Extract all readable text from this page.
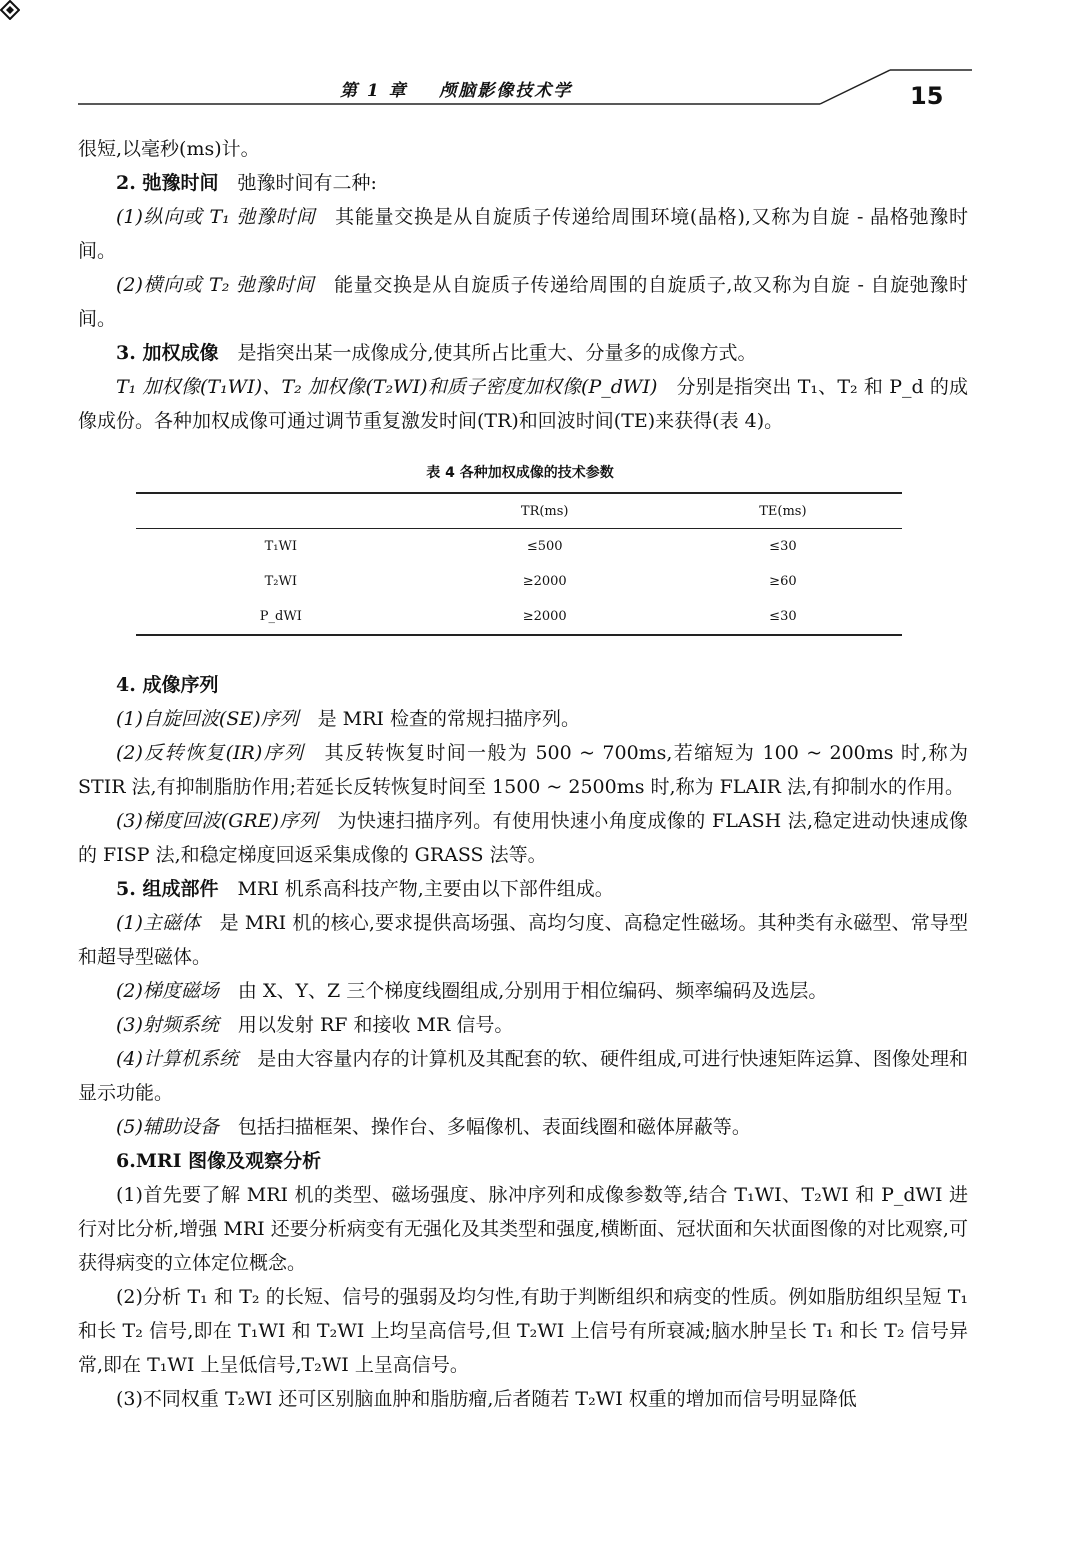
第 1 章    颅脑影像技术学	15
很短,以毫秒(ms)计。
2. 弛豫时间  弛豫时间有二种:
(1)纵向或 T₁ 弛豫时间  其能量交换是从自旋质子传递给周围环境(晶格),又称为自旋 - 晶格弛豫时间。
(2)横向或 T₂ 弛豫时间  能量交换是从自旋质子传递给周围的自旋质子,故又称为自旋 - 自旋弛豫时间。
3. 加权成像  是指突出某一成像成分,使其所占比重大、分量多的成像方式。
T₁ 加权像(T₁WI)、T₂ 加权像(T₂WI)和质子密度加权像(P_dWI)  分别是指突出 T₁、T₂ 和 P_d 的成像成份。各种加权成像可通过调节重复激发时间(TR)和回波时间(TE)来获得(表 4)。
表 4 各种加权成像的技术参数
	TR(ms)	TE(ms)
T₁WI	≤500	≤30
T₂WI	≥2000	≥60
P_dWI	≥2000	≤30
4. 成像序列
(1)自旋回波(SE)序列  是 MRI 检查的常规扫描序列。
(2)反转恢复(IR)序列  其反转恢复时间一般为 500 ~ 700ms,若缩短为 100 ~ 200ms 时,称为 STIR 法,有抑制脂肪作用;若延长反转恢复时间至 1500 ~ 2500ms 时,称为 FLAIR 法,有抑制水的作用。
(3)梯度回波(GRE)序列  为快速扫描序列。有使用快速小角度成像的 FLASH 法,稳定进动快速成像的 FISP 法,和稳定梯度回返采集成像的 GRASS 法等。
5. 组成部件  MRI 机系高科技产物,主要由以下部件组成。
(1)主磁体  是 MRI 机的核心,要求提供高场强、高均匀度、高稳定性磁场。其种类有永磁型、常导型和超导型磁体。
(2)梯度磁场  由 X、Y、Z 三个梯度线圈组成,分别用于相位编码、频率编码及选层。
(3)射频系统  用以发射 RF 和接收 MR 信号。
(4)计算机系统  是由大容量内存的计算机及其配套的软、硬件组成,可进行快速矩阵运算、图像处理和显示功能。
(5)辅助设备  包括扫描框架、操作台、多幅像机、表面线圈和磁体屏蔽等。
6.MRI 图像及观察分析
(1)首先要了解 MRI 机的类型、磁场强度、脉冲序列和成像参数等,结合 T₁WI、T₂WI 和 P_dWI 进行对比分析,增强 MRI 还要分析病变有无强化及其类型和强度,横断面、冠状面和矢状面图像的对比观察,可获得病变的立体定位概念。
(2)分析 T₁ 和 T₂ 的长短、信号的强弱及均匀性,有助于判断组织和病变的性质。例如脂肪组织呈短 T₁ 和长 T₂ 信号,即在 T₁WI 和 T₂WI 上均呈高信号,但 T₂WI 上信号有所衰减;脑水肿呈长 T₁ 和长 T₂ 信号异常,即在 T₁WI 上呈低信号,T₂WI 上呈高信号。
(3)不同权重 T₂WI 还可区别脑血肿和脂肪瘤,后者随若 T₂WI 权重的增加而信号明显降低
